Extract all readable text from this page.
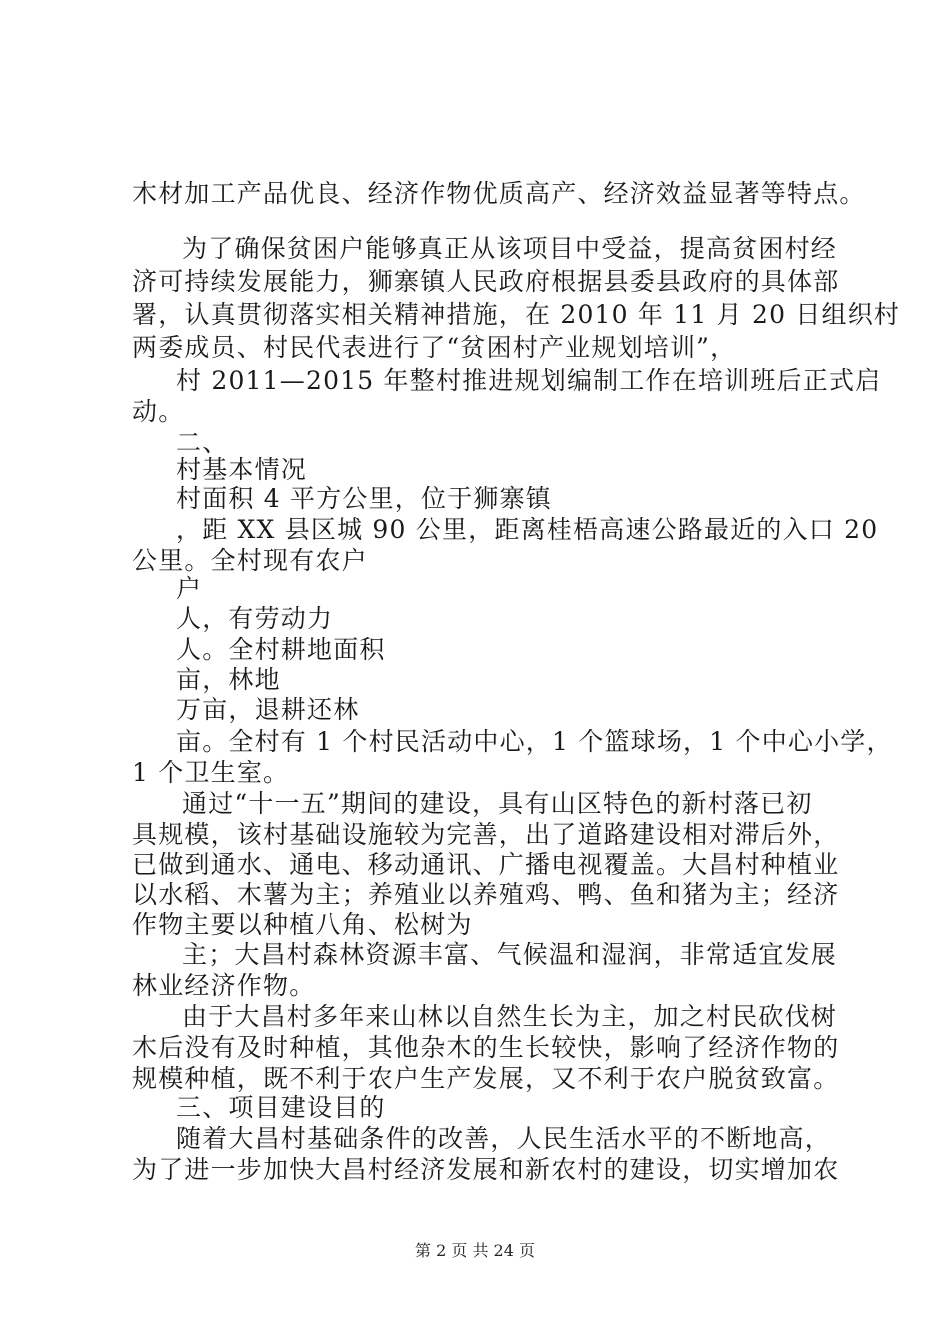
木材加工产品优良、经济作物优质高产、经济效益显著等特点。
为了确保贫困户能够真正从该项目中受益，提高贫困村经
济可持续发展能力，狮寨镇人民政府根据县委县政府的具体部
署，认真贯彻落实相关精神措施，在 2010 年 11 月 20 日组织村
两委成员、村民代表进行了“贫困村产业规划培训”，
村 2011—2015 年整村推进规划编制工作在培训班后正式启
动。
二、
村基本情况
村面积 4 平方公里，位于狮寨镇
，距 XX 县区城 90 公里，距离桂梧高速公路最近的入口 20
公里。全村现有农户
户
人，有劳动力
人。全村耕地面积
亩，林地
万亩，退耕还林
亩。全村有 1 个村民活动中心，1 个篮球场，1 个中心小学，
1 个卫生室。
通过“十一五”期间的建设，具有山区特色的新村落已初
具规模，该村基础设施较为完善，出了道路建设相对滞后外，
已做到通水、通电、移动通讯、广播电视覆盖。大昌村种植业
以水稻、木薯为主；养殖业以养殖鸡、鸭、鱼和猪为主；经济
作物主要以种植八角、松树为
主；大昌村森林资源丰富、气候温和湿润，非常适宜发展
林业经济作物。
由于大昌村多年来山林以自然生长为主，加之村民砍伐树
木后没有及时种植，其他杂木的生长较快，影响了经济作物的
规模种植，既不利于农户生产发展，又不利于农户脱贫致富。
三、项目建设目的
随着大昌村基础条件的改善，人民生活水平的不断地高，
为了进一步加快大昌村经济发展和新农村的建设，切实增加农
第 2 页 共 24 页
